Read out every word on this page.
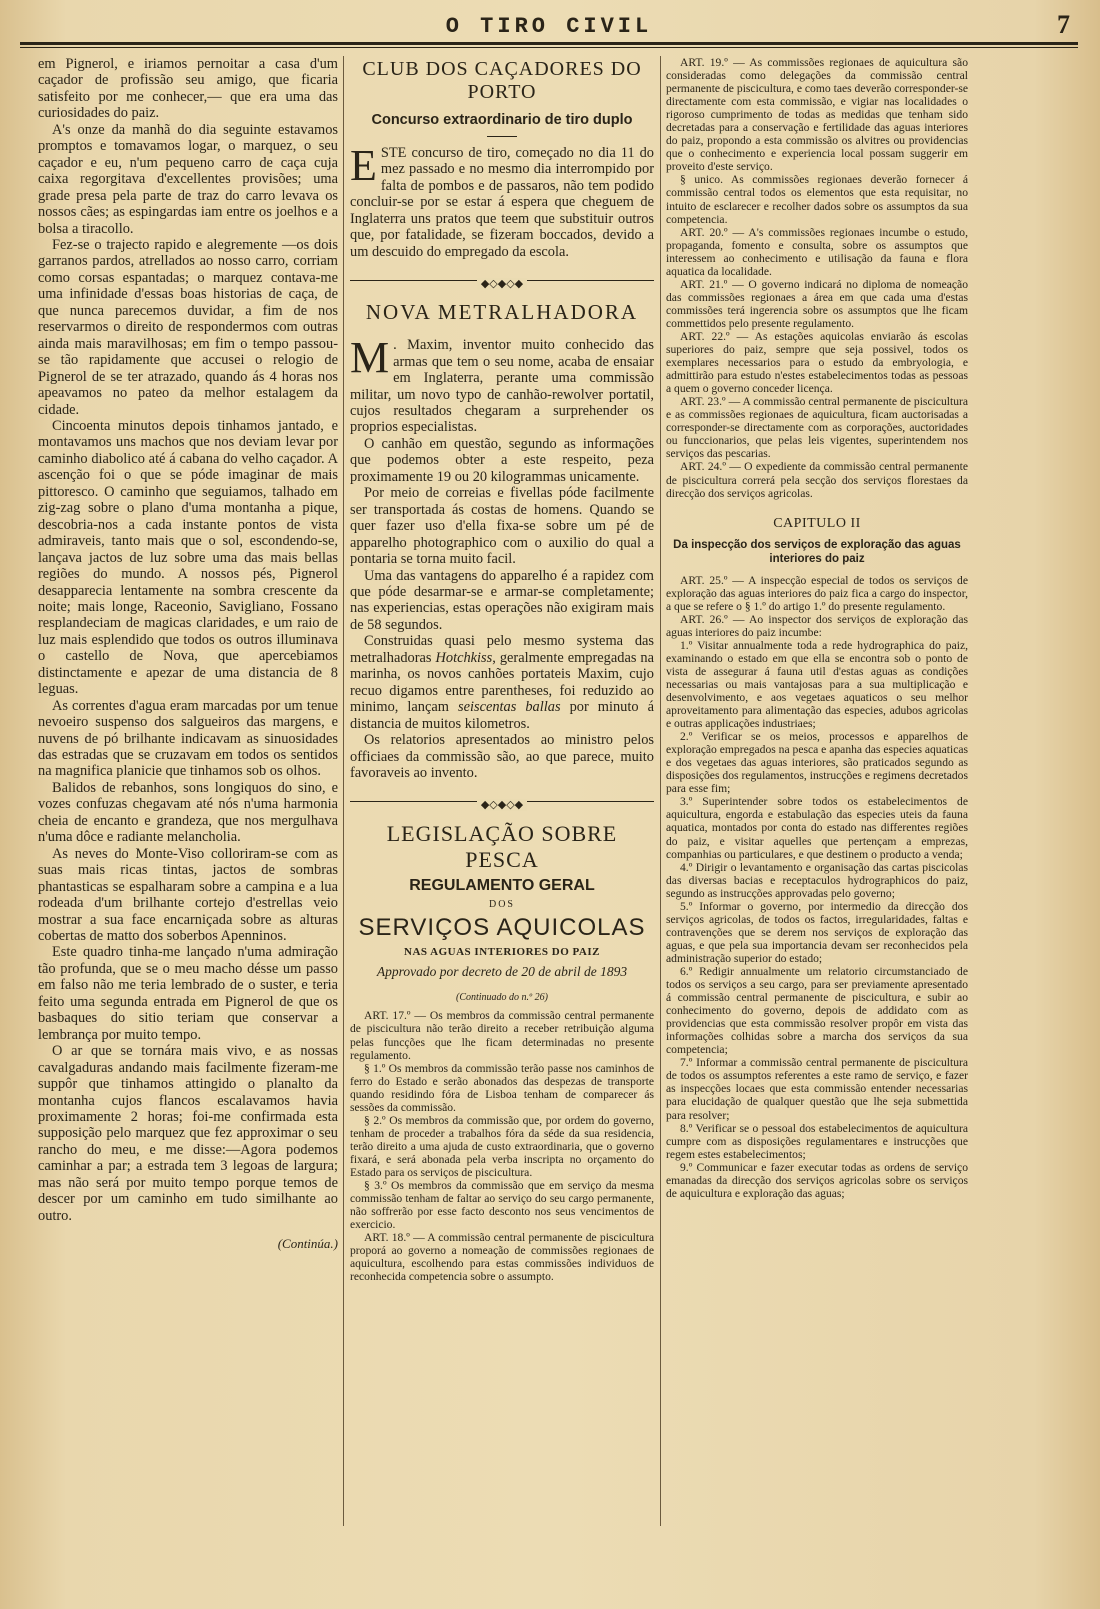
O TIRO CIVIL	7

em Pignerol, e iriamos pernoitar a casa d'um caçador de profissão seu amigo, que ficaria satisfeito por me conhecer,— que era uma das curiosidades do paiz.

A's onze da manhã do dia seguinte estavamos promptos e tomavamos logar, o marquez, o seu caçador e eu, n'um pequeno carro de caça cuja caixa regorgitava d'excellentes provisões; uma grade presa pela parte de traz do carro levava os nossos cães; as espingardas iam entre os joelhos e a bolsa a tiracollo.

Fez-se o trajecto rapido e alegremente —os dois garranos pardos, atrellados ao nosso carro, corriam como corsas espantadas; o marquez contava-me uma infinidade d'essas boas historias de caça, de que nunca parecemos duvidar, a fim de nos reservarmos o direito de respondermos com outras ainda mais maravilhosas; em fim o tempo passou-se tão rapidamente que accusei o relogio de Pignerol de se ter atrazado, quando ás 4 horas nos apeavamos no pateo da melhor estalagem da cidade.

Cincoenta minutos depois tinhamos jantado, e montavamos uns machos que nos deviam levar por caminho diabolico até á cabana do velho caçador. A ascenção foi o que se póde imaginar de mais pittoresco. O caminho que seguiamos, talhado em zig-zag sobre o plano d'uma montanha a pique, descobria-nos a cada instante pontos de vista admiraveis, tanto mais que o sol, escondendo-se, lançava jactos de luz sobre uma das mais bellas regiões do mundo. A nossos pés, Pignerol desapparecia lentamente na sombra crescente da noite; mais longe, Raceonio, Savigliano, Fossano resplandeciam de magicas claridades, e um raio de luz mais esplendido que todos os outros illuminava o castello de Nova, que apercebiamos distinctamente e apezar de uma distancia de 8 leguas.

As correntes d'agua eram marcadas por um tenue nevoeiro suspenso dos salgueiros das margens, e nuvens de pó brilhante indicavam as sinuosidades das estradas que se cruzavam em todos os sentidos na magnifica planicie que tinhamos sob os olhos.

Balidos de rebanhos, sons longiquos do sino, e vozes confuzas chegavam até nós n'uma harmonia cheia de encanto e grandeza, que nos mergulhava n'uma dôce e radiante melancholia.

As neves do Monte-Viso colloriram-se com as suas mais ricas tintas, jactos de sombras phantasticas se espalharam sobre a campina e a lua rodeada d'um brilhante cortejo d'estrellas veio mostrar a sua face encarniçada sobre as alturas cobertas de matto dos soberbos Apenninos.

Este quadro tinha-me lançado n'uma admiração tão profunda, que se o meu macho désse um passo em falso não me teria lembrado de o suster, e teria feito uma segunda entrada em Pignerol de que os basbaques do sitio teriam que conservar a lembrança por muito tempo.

O ar que se tornára mais vivo, e as nossas cavalgaduras andando mais facilmente fizeram-me suppôr que tinhamos attingido o planalto da montanha cujos flancos escalavamos havia proximamente 2 horas; foi-me confirmada esta supposição pelo marquez que fez approximar o seu rancho do meu, e me disse:—Agora podemos caminhar a par; a estrada tem 3 legoas de largura; mas não será por muito tempo porque temos de descer por um caminho em tudo similhante ao outro.

(Continúa.)
CLUB DOS CAÇADORES DO PORTO
Concurso extraordinario de tiro duplo
E STE concurso de tiro, começado no dia 11 do mez passado e no mesmo dia interrompido por falta de pombos e de passaros, não tem podido concluir-se por se estar á espera que cheguem de Inglaterra uns pratos que teem que substituir outros que, por fatalidade, se fizeram boccados, devido a um descuido do empregado da escola.

◆◇◆◇◆
NOVA METRALHADORA
M . Maxim, inventor muito conhecido das armas que tem o seu nome, acaba de ensaiar em Inglaterra, perante uma commissão militar, um novo typo de canhão-rewolver portatil, cujos resultados chegaram a surprehender os proprios especialistas.

O canhão em questão, segundo as informações que podemos obter a este respeito, peza proximamente 19 ou 20 kilogrammas unicamente.

Por meio de correias e fivellas póde facilmente ser transportada ás costas de homens. Quando se quer fazer uso d'ella fixa-se sobre um pé de apparelho photographico com o auxilio do qual a pontaria se torna muito facil.

Uma das vantagens do apparelho é a rapidez com que póde desarmar-se e armar-se completamente; nas experiencias, estas operações não exigiram mais de 58 segundos.

Construidas quasi pelo mesmo systema das metralhadoras Hotchkiss, geralmente empregadas na marinha, os novos canhões portateis Maxim, cujo recuo digamos entre parentheses, foi reduzido ao minimo, lançam seiscentas ballas por minuto á distancia de muitos kilometros.

Os relatorios apresentados ao ministro pelos officiaes da commissão são, ao que parece, muito favoraveis ao invento.

◆◇◆◇◆
LEGISLAÇÃO SOBRE PESCA
REGULAMENTO GERAL
DOS
SERVIÇOS AQUICOLAS
NAS AGUAS INTERIORES DO PAIZ
Approvado por decreto de 20 de abril de 1893
(Continuado do n.º 26)

ART. 17.º — Os membros da commissão central permanente de piscicultura não terão direito a receber retribuição alguma pelas funcções que lhe ficam determinadas no presente regulamento.

§ 1.º Os membros da commissão terão passe nos caminhos de ferro do Estado e serão abonados das despezas de transporte quando residindo fóra de Lisboa tenham de comparecer ás sessões da commissão.

§ 2.º Os membros da commissão que, por ordem do governo, tenham de proceder a trabalhos fóra da séde da sua residencia, terão direito a uma ajuda de custo extraordinaria, que o governo fixará, e será abonada pela verba inscripta no orçamento do Estado para os serviços de piscicultura.

§ 3.º Os membros da commissão que em serviço da mesma commissão tenham de faltar ao serviço do seu cargo permanente, não soffrerão por esse facto desconto nos seus vencimentos de exercicio.

ART. 18.º — A commissão central permanente de piscicultura proporá ao governo a nomeação de commissões regionaes de aquicultura, escolhendo para estas commissões individuos de reconhecida competencia sobre o assumpto.

ART. 19.º — As commissões regionaes de aquicultura são consideradas como delegações da commissão central permanente de piscicultura, e como taes deverão corresponder-se directamente com esta commissão, e vigiar nas localidades o rigoroso cumprimento de todas as medidas que tenham sido decretadas para a conservação e fertilidade das aguas interiores do paiz, propondo a esta commissão os alvitres ou providencias que o conhecimento e experiencia local possam suggerir em proveito d'este serviço.

§ unico. As commissões regionaes deverão fornecer á commissão central todos os elementos que esta requisitar, no intuito de esclarecer e recolher dados sobre os assumptos da sua competencia.

ART. 20.º — A's commissões regionaes incumbe o estudo, propaganda, fomento e consulta, sobre os assumptos que interessem ao conhecimento e utilisação da fauna e flora aquatica da localidade.

ART. 21.º — O governo indicará no diploma de nomeação das commissões regionaes a área em que cada uma d'estas commissões terá ingerencia sobre os assumptos que lhe ficam commettidos pelo presente regulamento.

ART. 22.º — As estações aquicolas enviarão ás escolas superiores do paiz, sempre que seja possivel, todos os exemplares necessarios para o estudo da embryologia, e admittirão para estudo n'estes estabelecimentos todas as pessoas a quem o governo conceder licença.

ART. 23.º — A commissão central permanente de piscicultura e as commissões regionaes de aquicultura, ficam auctorisadas a corresponder-se directamente com as corporações, auctoridades ou funccionarios, que pelas leis vigentes, superintendem nos serviços das pescarias.

ART. 24.º — O expediente da commissão central permanente de piscicultura correrá pela secção dos serviços florestaes da direcção dos serviços agricolas.

CAPITULO II
Da inspecção dos serviços de exploração das aguas interiores do paiz

ART. 25.º — A inspecção especial de todos os serviços de exploração das aguas interiores do paiz fica a cargo do inspector, a que se refere o § 1.º do artigo 1.º do presente regulamento.

ART. 26.º — Ao inspector dos serviços de exploração das aguas interiores do paiz incumbe:

1.º Visitar annualmente toda a rede hydrographica do paiz, examinando o estado em que ella se encontra sob o ponto de vista de assegurar á fauna util d'estas aguas as condições necessarias ou mais vantajosas para a sua multiplicação e desenvolvimento, e aos vegetaes aquaticos o seu melhor aproveitamento para alimentação das especies, adubos agricolas e outras applicações industriaes;

2.º Verificar se os meios, processos e apparelhos de exploração empregados na pesca e apanha das especies aquaticas e dos vegetaes das aguas interiores, são praticados segundo as disposições dos regulamentos, instrucções e regimens decretados para esse fim;

3.º Superintender sobre todos os estabelecimentos de aquicultura, engorda e estabulação das especies uteis da fauna aquatica, montados por conta do estado nas differentes regiões do paiz, e visitar aquelles que pertençam a emprezas, companhias ou particulares, e que destinem o producto a venda;

4.º Dirigir o levantamento e organisação das cartas piscicolas das diversas bacias e receptaculos hydrographicos do paiz, segundo as instrucções approvadas pelo governo;

5.º Informar o governo, por intermedio da direcção dos serviços agricolas, de todos os factos, irregularidades, faltas e contravenções que se derem nos serviços de exploração das aguas, e que pela sua importancia devam ser reconhecidos pela administração superior do estado;

6.º Redigir annualmente um relatorio circumstanciado de todos os serviços a seu cargo, para ser previamente apresentado á commissão central permanente de piscicultura, e subir ao conhecimento do governo, depois de addidato com as providencias que esta commissão resolver propôr em vista das informações colhidas sobre a marcha dos serviços da sua competencia;

7.º Informar a commissão central permanente de piscicultura de todos os assumptos referentes a este ramo de serviço, e fazer as inspecções locaes que esta commissão entender necessarias para elucidação de qualquer questão que lhe seja submettida para resolver;

8.º Verificar se o pessoal dos estabelecimentos de aquicultura cumpre com as disposições regulamentares e instrucções que regem estes estabelecimentos;

9.º Communicar e fazer executar todas as ordens de serviço emanadas da direcção dos serviços agricolas sobre os serviços de aquicultura e exploração das aguas;
